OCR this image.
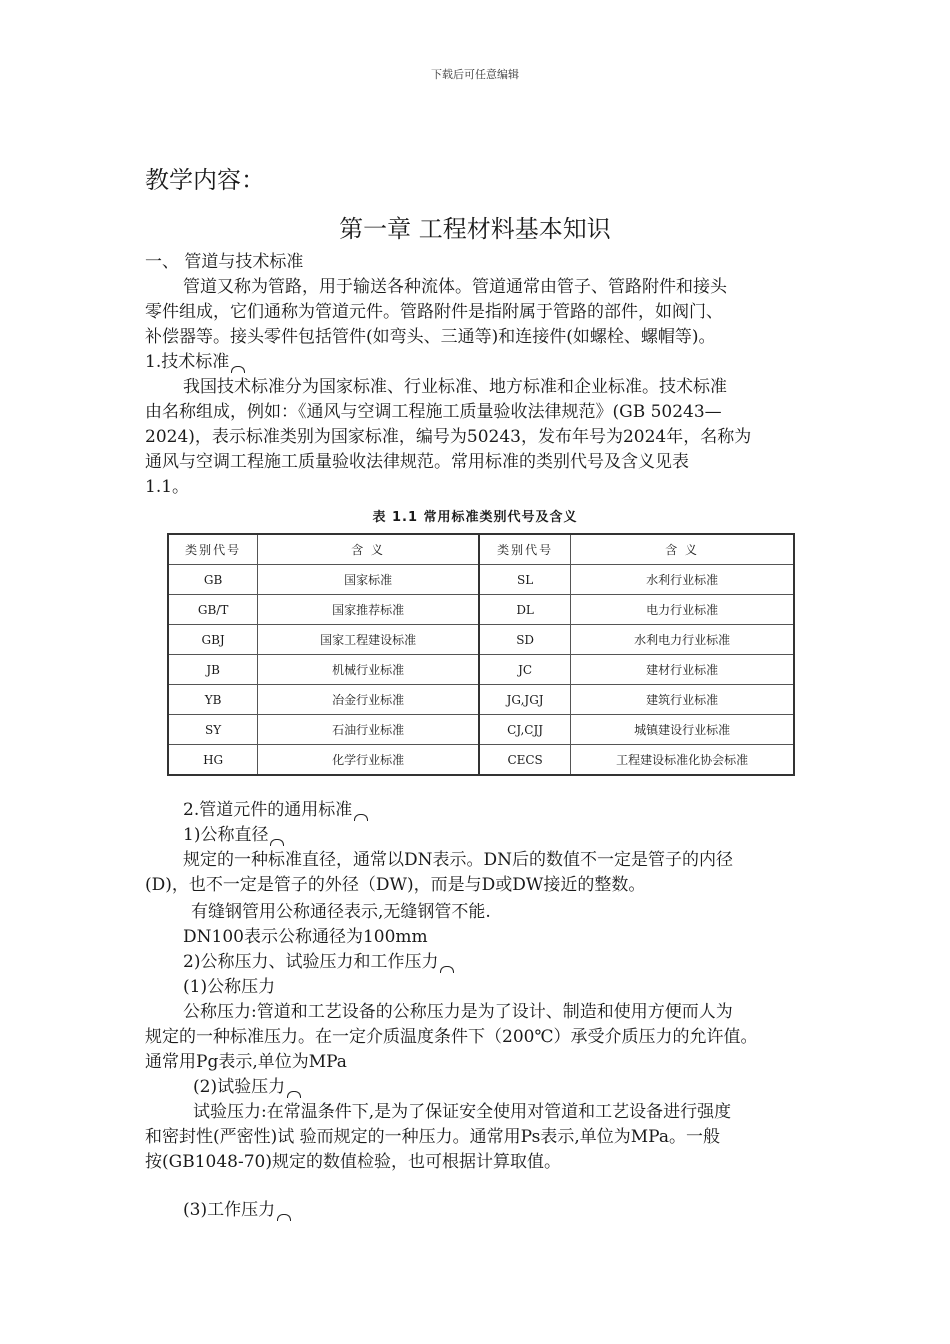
下载后可任意编辑
教学内容：
第一章 工程材料基本知识
一、 管道与技术标准
管道又称为管路，用于输送各种流体。管道通常由管子、管路附件和接头
零件组成，它们通称为管道元件。管路附件是指附属于管路的部件，如阀门、
补偿器等。接头零件包括管件(如弯头、三通等)和连接件(如螺栓、螺帽等)。
1.技术标准
我国技术标准分为国家标准、行业标准、地方标准和企业标准。技术标准
由名称组成，例如：《通风与空调工程施工质量验收法律规范》(GB 50243—
2024)，表示标准类别为国家标准，编号为50243，发布年号为2024年，名称为
通风与空调工程施工质量验收法律规范。常用标准的类别代号及含义见表
1.1。
表 1.1 常用标准类别代号及含义
类别代号	含 义	类别代号	含 义
GB	国家标准	SL	水利行业标准
GB/T	国家推荐标准	DL	电力行业标准
GBJ	国家工程建设标准	SD	水利电力行业标准
JB	机械行业标准	JC	建材行业标准
YB	冶金行业标准	JG,JGJ	建筑行业标准
SY	石油行业标准	CJ,CJJ	城镇建设行业标准
HG	化学行业标准	CECS	工程建设标准化协会标准
2.管道元件的通用标准
1)公称直径
规定的一种标准直径，通常以DN表示。DN后的数值不一定是管子的内径
(D)，也不一定是管子的外径（DW)，而是与D或DW接近的整数。
有缝钢管用公称通径表示,无缝钢管不能.
DN100表示公称通径为100mm
2)公称压力、试验压力和工作压力
(1)公称压力
公称压力:管道和工艺设备的公称压力是为了设计、制造和使用方便而人为
规定的一种标准压力。在一定介质温度条件下（200℃）承受介质压力的允许值。
通常用Pg表示,单位为MPa
(2)试验压力
试验压力:在常温条件下,是为了保证安全使用对管道和工艺设备进行强度
和密封性(严密性)试 验而规定的一种压力。通常用Ps表示,单位为MPa。一般
按(GB1048-70)规定的数值检验，也可根据计算取值。
(3)工作压力
